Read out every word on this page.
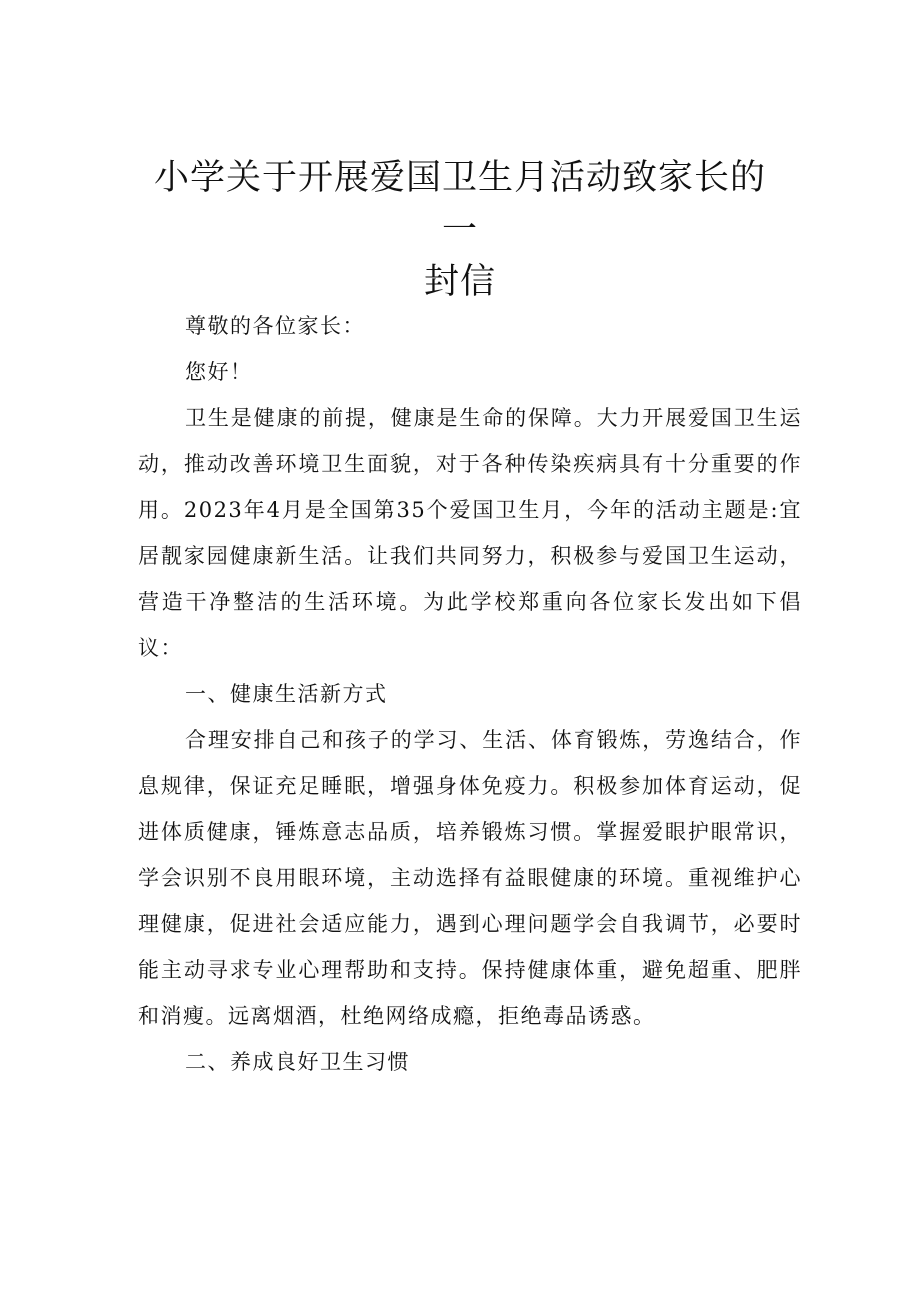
小学关于开展爱国卫生月活动致家长的一
封信

尊敬的各位家长：

您好！

卫生是健康的前提，健康是生命的保障。大力开展爱国卫生运动，推动改善环境卫生面貌，对于各种传染疾病具有十分重要的作用。2023年4月是全国第35个爱国卫生月，今年的活动主题是:宜居靓家园健康新生活。让我们共同努力，积极参与爱国卫生运动，营造干净整洁的生活环境。为此学校郑重向各位家长发出如下倡议：

一、健康生活新方式

合理安排自己和孩子的学习、生活、体育锻炼，劳逸结合，作息规律，保证充足睡眠，增强身体免疫力。积极参加体育运动，促进体质健康，锤炼意志品质，培养锻炼习惯。掌握爱眼护眼常识，学会识别不良用眼环境，主动选择有益眼健康的环境。重视维护心理健康，促进社会适应能力，遇到心理问题学会自我调节，必要时能主动寻求专业心理帮助和支持。保持健康体重，避免超重、肥胖和消瘦。远离烟酒，杜绝网络成瘾，拒绝毒品诱惑。

二、养成良好卫生习惯
